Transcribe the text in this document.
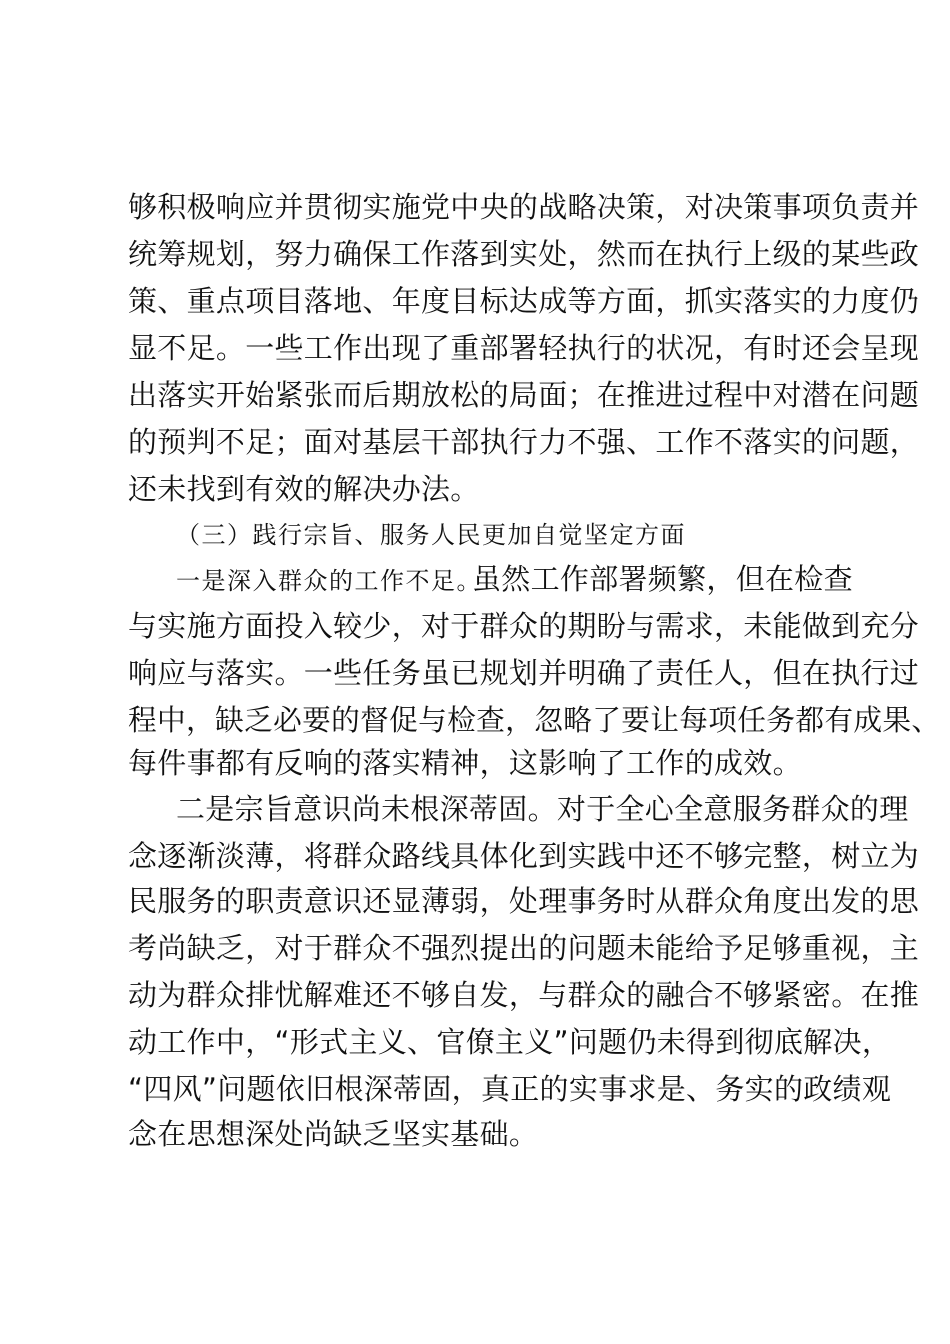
够积极响应并贯彻实施党中央的战略决策，对决策事项负责并
统筹规划，努力确保工作落到实处，然而在执行上级的某些政
策、重点项目落地、年度目标达成等方面，抓实落实的力度仍
显不足。一些工作出现了重部署轻执行的状况，有时还会呈现
出落实开始紧张而后期放松的局面；在推进过程中对潜在问题
的预判不足；面对基层干部执行力不强、工作不落实的问题，
还未找到有效的解决办法。
（三）践行宗旨、服务人民更加自觉坚定方面
一是深入群众的工作不足。
虽然工作部署频繁，但在检查
与实施方面投入较少，对于群众的期盼与需求，未能做到充分
响应与落实。一些任务虽已规划并明确了责任人，但在执行过
程中，缺乏必要的督促与检查，忽略了要让每项任务都有成果、
每件事都有反响的落实精神，这影响了工作的成效。
二是宗旨意识尚未根深蒂固。对于全心全意服务群众的理
念逐渐淡薄，将群众路线具体化到实践中还不够完整，树立为
民服务的职责意识还显薄弱，处理事务时从群众角度出发的思
考尚缺乏，对于群众不强烈提出的问题未能给予足够重视，主
动为群众排忧解难还不够自发，与群众的融合不够紧密。在推
动工作中，“形式主义、官僚主义”问题仍未得到彻底解决，
“四风”问题依旧根深蒂固，真正的实事求是、务实的政绩观
念在思想深处尚缺乏坚实基础。
